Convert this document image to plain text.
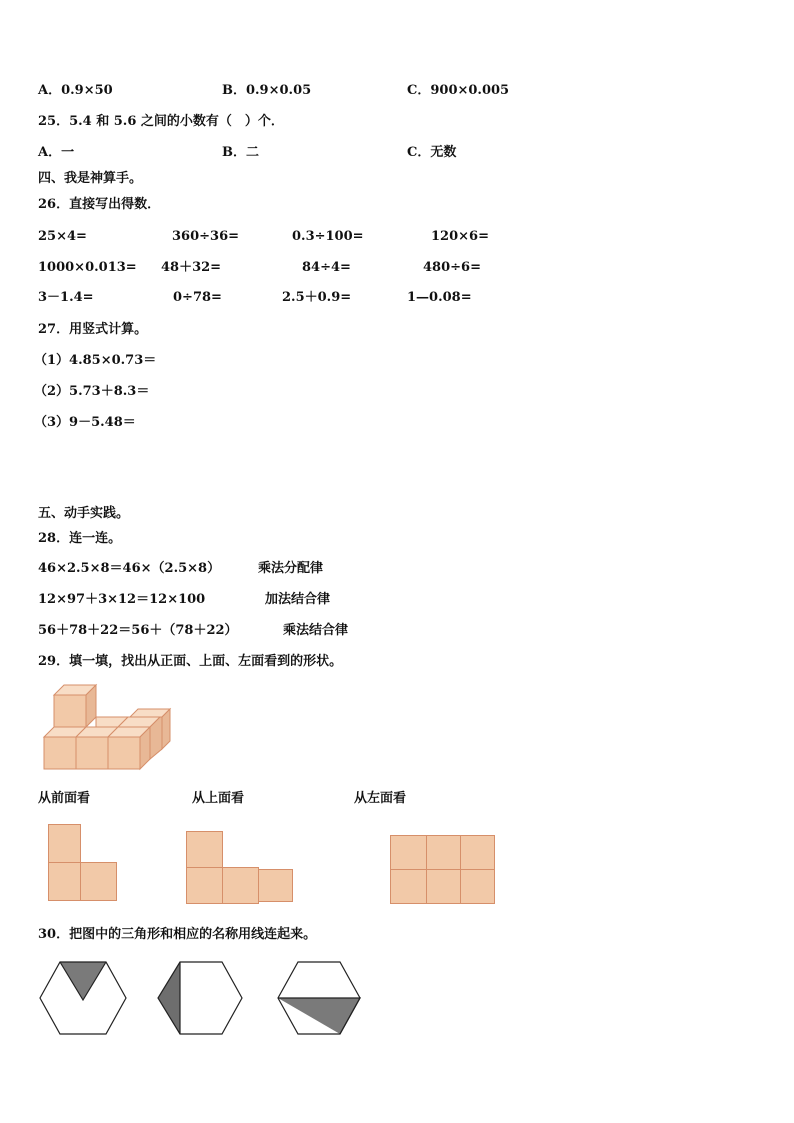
A．0.9×50	B．0.9×0.05	C．900×0.005
25．5.4 和 5.6 之间的小数有（　）个．
A．一	B．二	C．无数
四、我是神算手。
26．直接写出得数．
25×4=	360÷36=	0.3÷100=	120×6=
1000×0.013= 48＋32=	84÷4=	480÷6=
3－1.4=	0÷78=	2.5＋0.9=	1—0.08=
27．用竖式计算。
（1）4.85×0.73＝
（2）5.73＋8.3＝
（3）9－5.48＝
五、动手实践。
28．连一连。
46×2.5×8＝46×（2.5×8）
12×97＋3×12＝12×100
56＋78＋22＝56＋（78＋22）
乘法分配律
加法结合律
乘法结合律
29．填一填，找出从正面、上面、左面看到的形状。
从前面看	从上面看	从左面看
30．把图中的三角形和相应的名称用线连起来。
